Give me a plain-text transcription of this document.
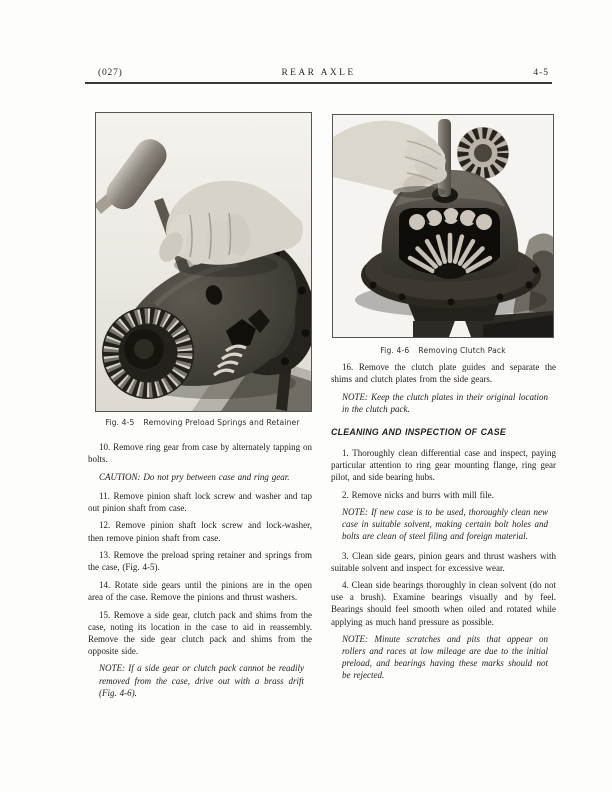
(027)	REAR AXLE	4-5
Fig. 4-5 Removing Preload Springs and Retainer
Fig. 4-6 Removing Clutch Pack

10. Remove ring gear from case by alternately tapping on bolts.

CAUTION: Do not pry between case and ring gear.

11. Remove pinion shaft lock screw and washer and tap out pinion shaft from case.

12. Remove pinion shaft lock screw and lock-washer, then remove pinion shaft from case.

13. Remove the preload spring retainer and springs from the case, (Fig. 4-5).

14. Rotate side gears until the pinions are in the open area of the case. Remove the pinions and thrust washers.

15. Remove a side gear, clutch pack and shims from the case, noting its location in the case to aid in reassembly. Remove the side gear clutch pack and shims from the opposite side.

NOTE: If a side gear or clutch pack cannot be readily removed from the case, drive out with a brass drift (Fig. 4-6).

16. Remove the clutch plate guides and separate the shims and clutch plates from the side gears.

NOTE: Keep the clutch plates in their original location in the clutch pack.

CLEANING AND INSPECTION OF CASE

1. Thoroughly clean differential case and inspect, paying particular attention to ring gear mounting flange, ring gear pilot, and side bearing hubs.

2. Remove nicks and burrs with mill file.

NOTE: If new case is to be used, thoroughly clean new case in suitable solvent, making certain bolt holes and bolts are clean of steel filing and foreign material.

3. Clean side gears, pinion gears and thrust washers with suitable solvent and inspect for excessive wear.

4. Clean side bearings thoroughly in clean solvent (do not use a brush). Examine bearings visually and by feel. Bearings should feel smooth when oiled and rotated while applying as much hand pressure as possible.

NOTE: Minute scratches and pits that appear on rollers and races at low mileage are due to the initial preload, and bearings having these marks should not be rejected.
